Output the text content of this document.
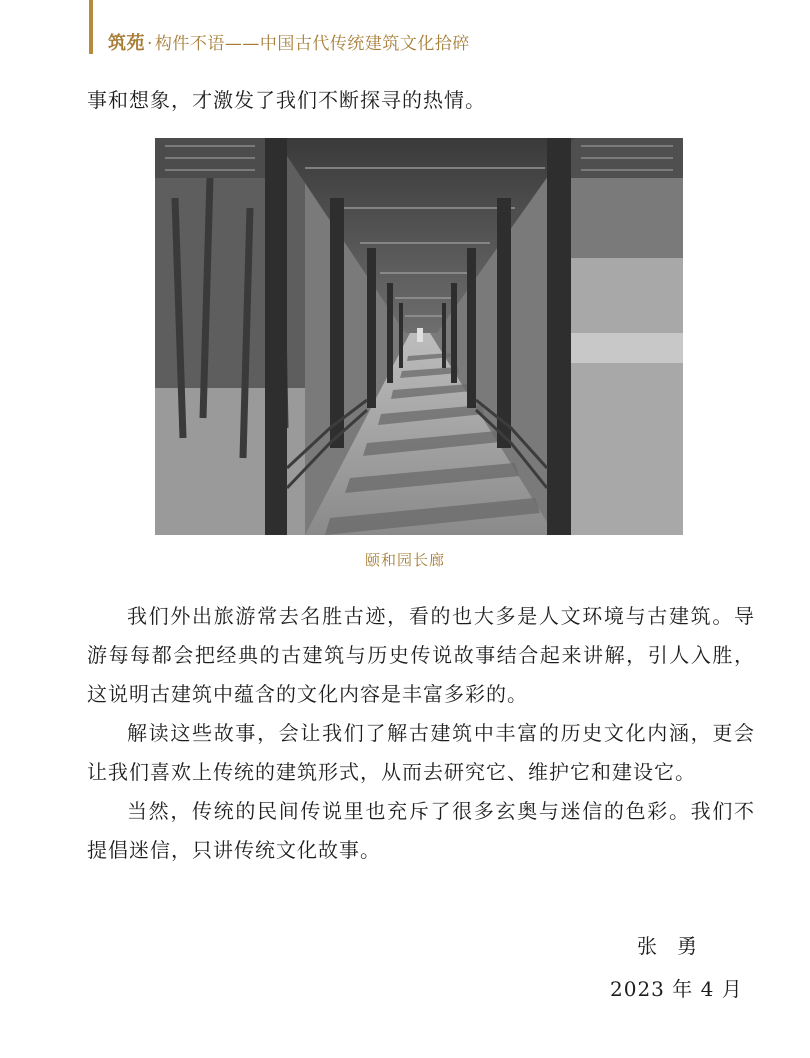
筑苑 · 构件不语——中国古代传统建筑文化拾碎
事和想象，才激发了我们不断探寻的热情。
颐和园长廊

我们外出旅游常去名胜古迹，看的也大多是人文环境与古建筑。导游每每都会把经典的古建筑与历史传说故事结合起来讲解，引人入胜，这说明古建筑中蕴含的文化内容是丰富多彩的。

解读这些故事，会让我们了解古建筑中丰富的历史文化内涵，更会让我们喜欢上传统的建筑形式，从而去研究它、维护它和建设它。

当然，传统的民间传说里也充斥了很多玄奥与迷信的色彩。我们不提倡迷信，只讲传统文化故事。

张勇
2023 年 4 月
